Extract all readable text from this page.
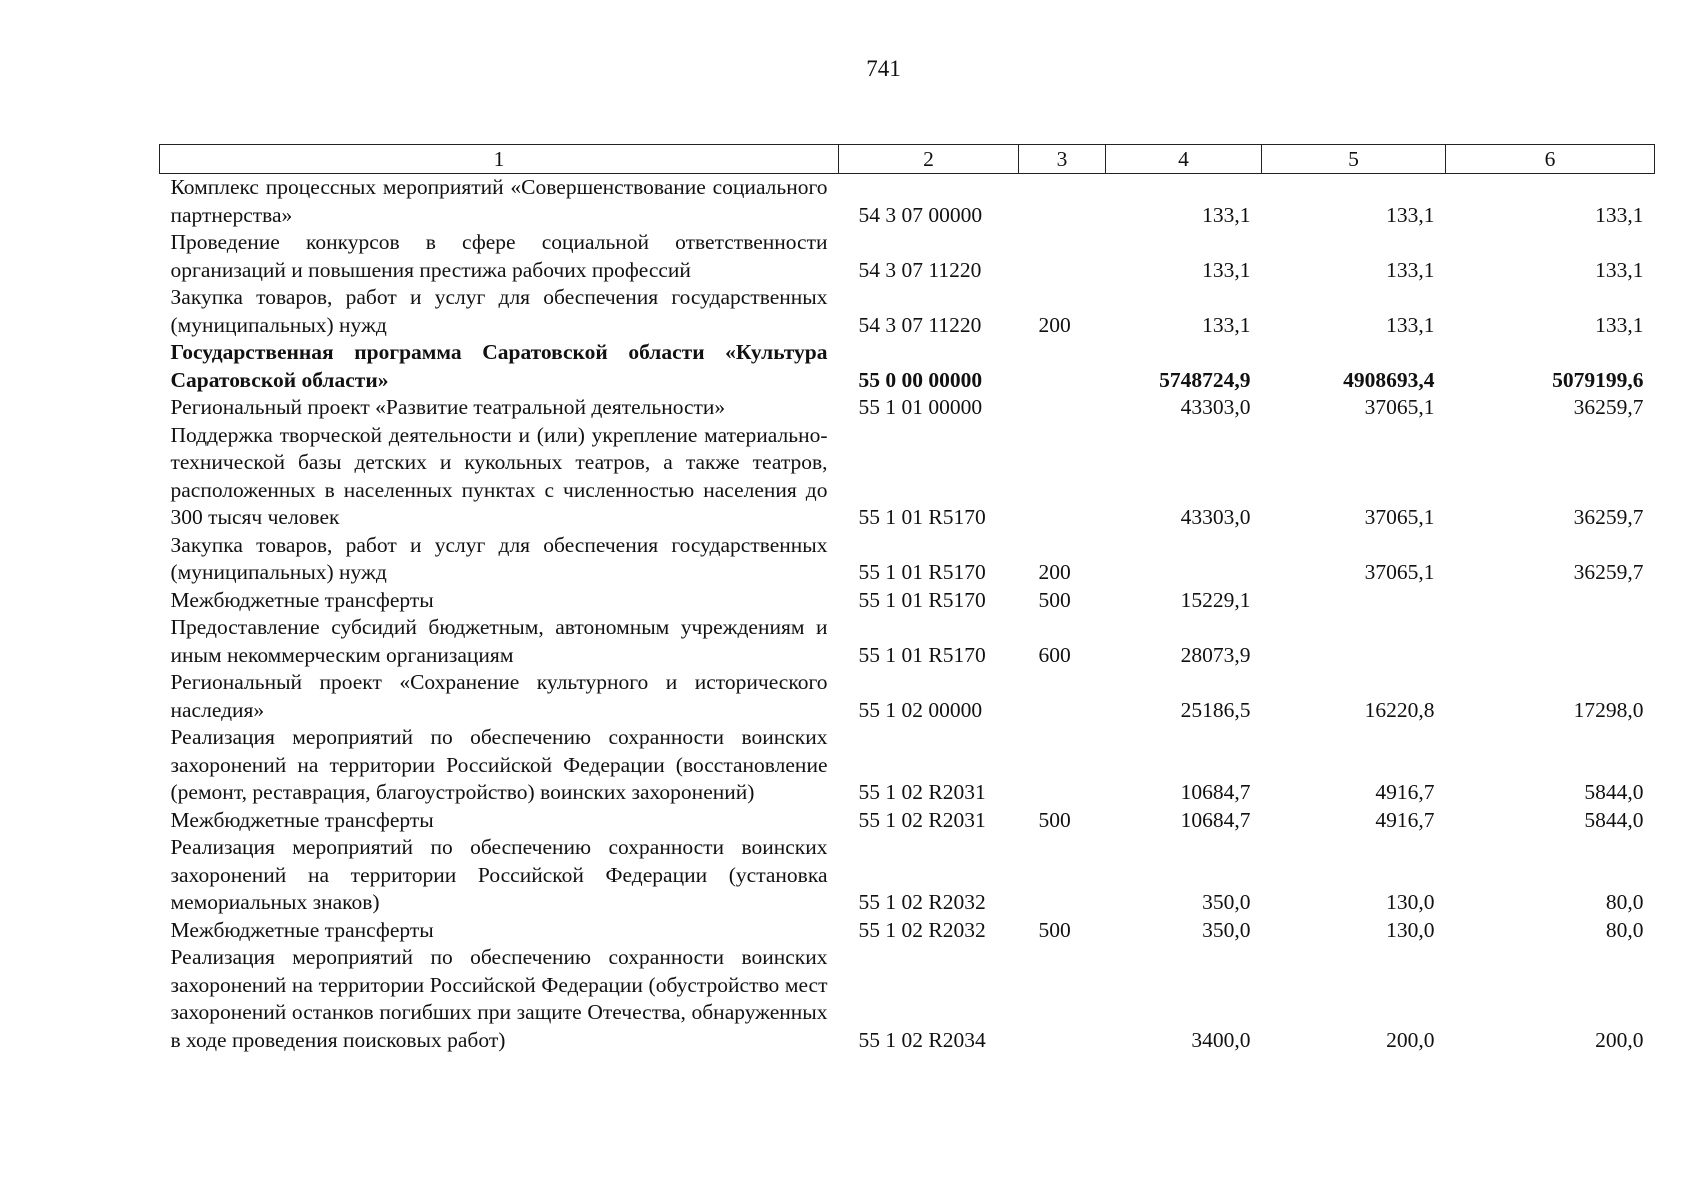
741
1	2	3	4	5	6
Комплекс процессных мероприятий «Совершенствование социального партнерства»	54 3 07 00000		133,1	133,1	133,1
Проведение конкурсов в сфере социальной ответственности организаций и повышения престижа рабочих профессий	54 3 07 11220		133,1	133,1	133,1
Закупка товаров, работ и услуг для обеспечения государственных (муниципальных) нужд	54 3 07 11220	200	133,1	133,1	133,1
Государственная программа Саратовской области «Культура Саратовской области»	55 0 00 00000		5748724,9	4908693,4	5079199,6
Региональный проект «Развитие театральной деятельности»	55 1 01 00000		43303,0	37065,1	36259,7
Поддержка творческой деятельности и (или) укрепление материально-технической базы детских и кукольных театров, а также театров, расположенных в населенных пунктах с численностью населения до 300 тысяч человек	55 1 01 R5170		43303,0	37065,1	36259,7
Закупка товаров, работ и услуг для обеспечения государственных (муниципальных) нужд	55 1 01 R5170	200		37065,1	36259,7
Межбюджетные трансферты	55 1 01 R5170	500	15229,1		
Предоставление субсидий бюджетным, автономным учреждениям и иным некоммерческим организациям	55 1 01 R5170	600	28073,9		
Региональный проект «Сохранение культурного и исторического наследия»	55 1 02 00000		25186,5	16220,8	17298,0
Реализация мероприятий по обеспечению сохранности воинских захоронений на территории Российской Федерации (восстановление (ремонт, реставрация, благоустройство) воинских захоронений)	55 1 02 R2031		10684,7	4916,7	5844,0
Межбюджетные трансферты	55 1 02 R2031	500	10684,7	4916,7	5844,0
Реализация мероприятий по обеспечению сохранности воинских захоронений на территории Российской Федерации (установка мемориальных знаков)	55 1 02 R2032		350,0	130,0	80,0
Межбюджетные трансферты	55 1 02 R2032	500	350,0	130,0	80,0
Реализация мероприятий по обеспечению сохранности воинских захоронений на территории Российской Федерации (обустройство мест захоронений останков погибших при защите Отечества, обнаруженных в ходе проведения поисковых работ)	55 1 02 R2034		3400,0	200,0	200,0
